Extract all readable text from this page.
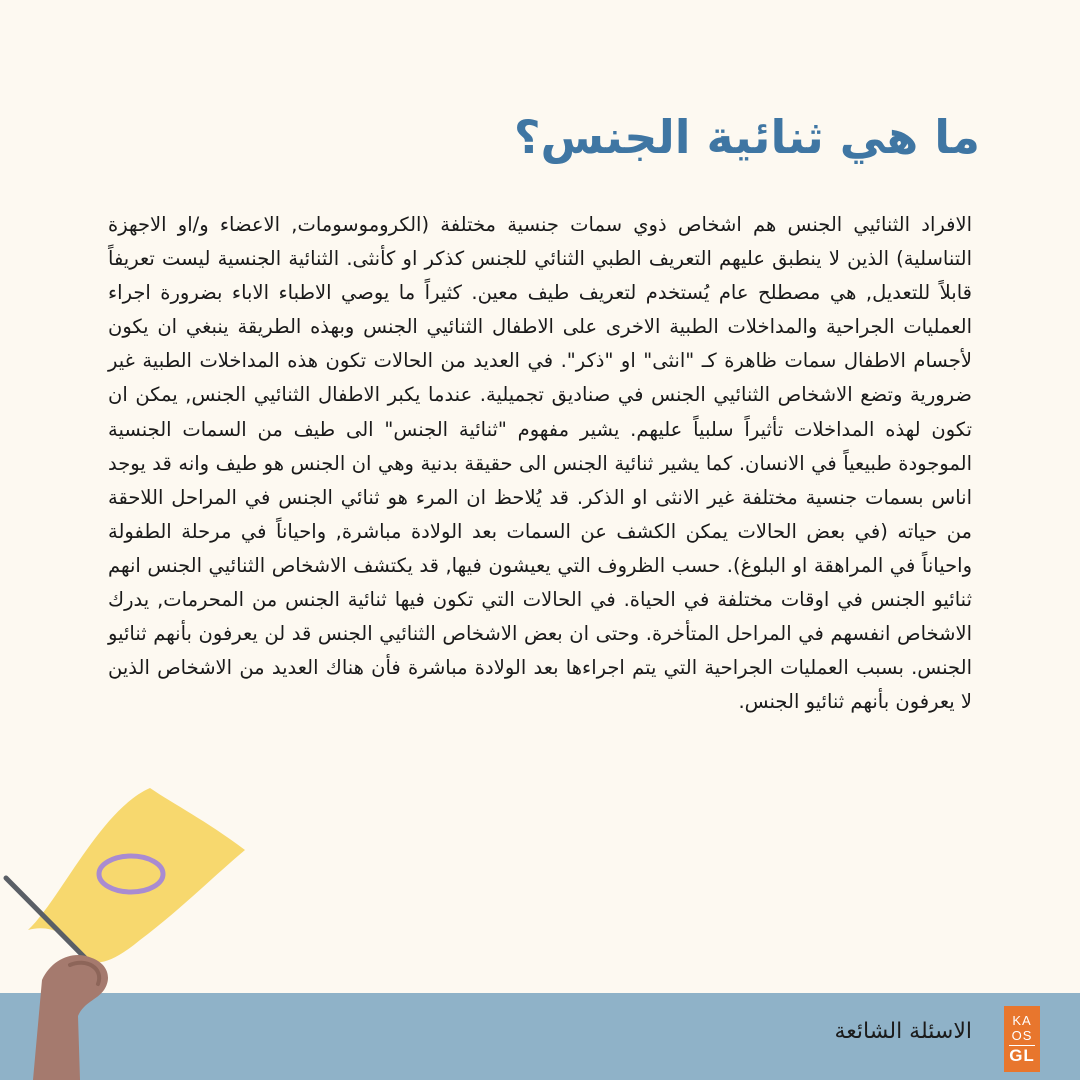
ما هي ثنائية الجنس؟

الافراد الثنائيي الجنس هم اشخاص ذوي سمات جنسية مختلفة (الكروموسومات, الاعضاء و/او الاجهزة التناسلية) الذين لا ينطبق عليهم التعريف الطبي الثنائي للجنس كذكر او كأنثى. الثنائية الجنسية ليست تعريفاً قابلاً للتعديل, هي مصطلح عام يُستخدم لتعريف طيف معين. كثيراً ما يوصي الاطباء الاباء بضرورة اجراء العمليات الجراحية والمداخلات الطبية الاخرى على الاطفال الثنائيي الجنس وبهذه الطريقة ينبغي ان يكون لأجسام الاطفال سمات ظاهرة كـ "انثى" او "ذكر". في العديد من الحالات تكون هذه المداخلات الطبية غير ضرورية وتضع الاشخاص الثنائيي الجنس في صناديق تجميلية. عندما يكبر الاطفال الثنائيي الجنس, يمكن ان تكون لهذه المداخلات تأثيراً سلبياً عليهم. يشير مفهوم "ثنائية الجنس" الى طيف من السمات الجنسية الموجودة طبيعياً في الانسان. كما يشير ثنائية الجنس الى حقيقة بدنية وهي ان الجنس هو طيف وانه قد يوجد اناس بسمات جنسية مختلفة غير الانثى او الذكر. قد يُلاحظ ان المرء هو ثنائي الجنس في المراحل اللاحقة من حياته (في بعض الحالات يمكن الكشف عن السمات بعد الولادة مباشرة, واحياناً في مرحلة الطفولة واحياناً في المراهقة او البلوغ). حسب الظروف التي يعيشون فيها, قد يكتشف الاشخاص الثنائيي الجنس انهم ثنائيو الجنس في اوقات مختلفة في الحياة. في الحالات التي تكون فيها ثنائية الجنس من المحرمات, يدرك الاشخاص انفسهم في المراحل المتأخرة. وحتى ان بعض الاشخاص الثنائيي الجنس قد لن يعرفون بأنهم ثنائيو الجنس. بسبب العمليات الجراحية التي يتم اجراءها بعد الولادة مباشرة فأن هناك العديد من الاشخاص الذين لا يعرفون بأنهم ثنائيو الجنس.

الاسئلة الشائعة	KA
OS
GL
